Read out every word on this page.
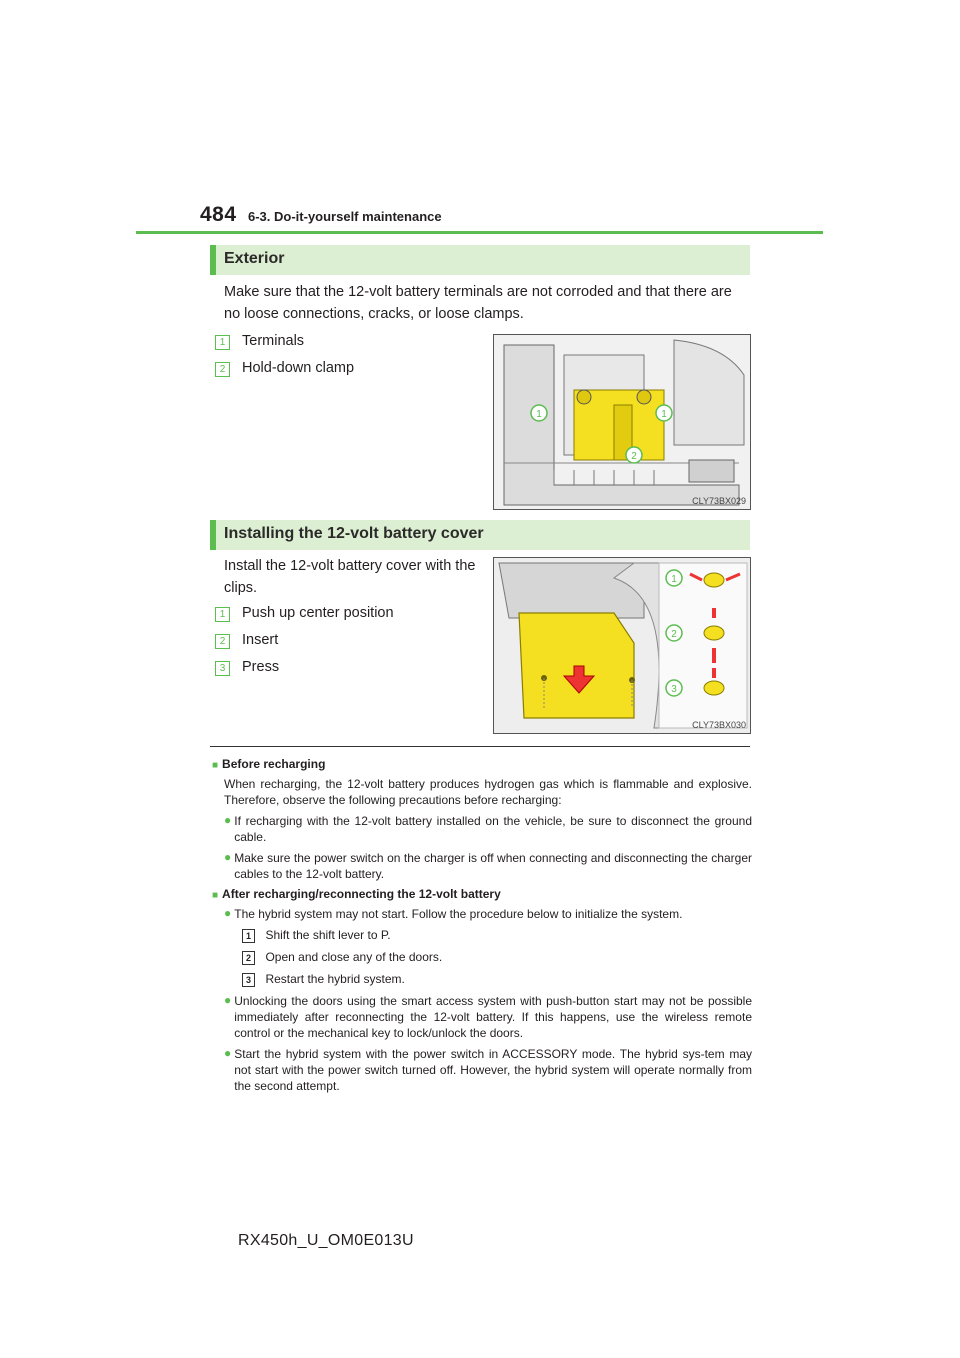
484 6-3. Do-it-yourself maintenance
Exterior
Make sure that the 12-volt battery terminals are not corroded and that there are no loose connections, cracks, or loose clamps.
1 Terminals
2 Hold-down clamp
1	1
2
CLY73BX029
Installing the 12-volt battery cover
Install the 12-volt battery cover with the clips.
1 Push up center position
2 Insert
3 Press
1
2
3
CLY73BX030
■ Before recharging
When recharging, the 12-volt battery produces hydrogen gas which is flammable and explosive. Therefore, observe the following precautions before recharging:
● If recharging with the 12-volt battery installed on the vehicle, be sure to disconnect the ground cable.
● Make sure the power switch on the charger is off when connecting and disconnecting the charger cables to the 12-volt battery.
■ After recharging/reconnecting the 12-volt battery
● The hybrid system may not start. Follow the procedure below to initialize the system.
1 Shift the shift lever to P.
2 Open and close any of the doors.
3 Restart the hybrid system.
● Unlocking the doors using the smart access system with push-button start may not be possible immediately after reconnecting the 12-volt battery. If this happens, use the wireless remote control or the mechanical key to lock/unlock the doors.
● Start the hybrid system with the power switch in ACCESSORY mode. The hybrid sys-tem may not start with the power switch turned off. However, the hybrid system will operate normally from the second attempt.
RX450h_U_OM0E013U
